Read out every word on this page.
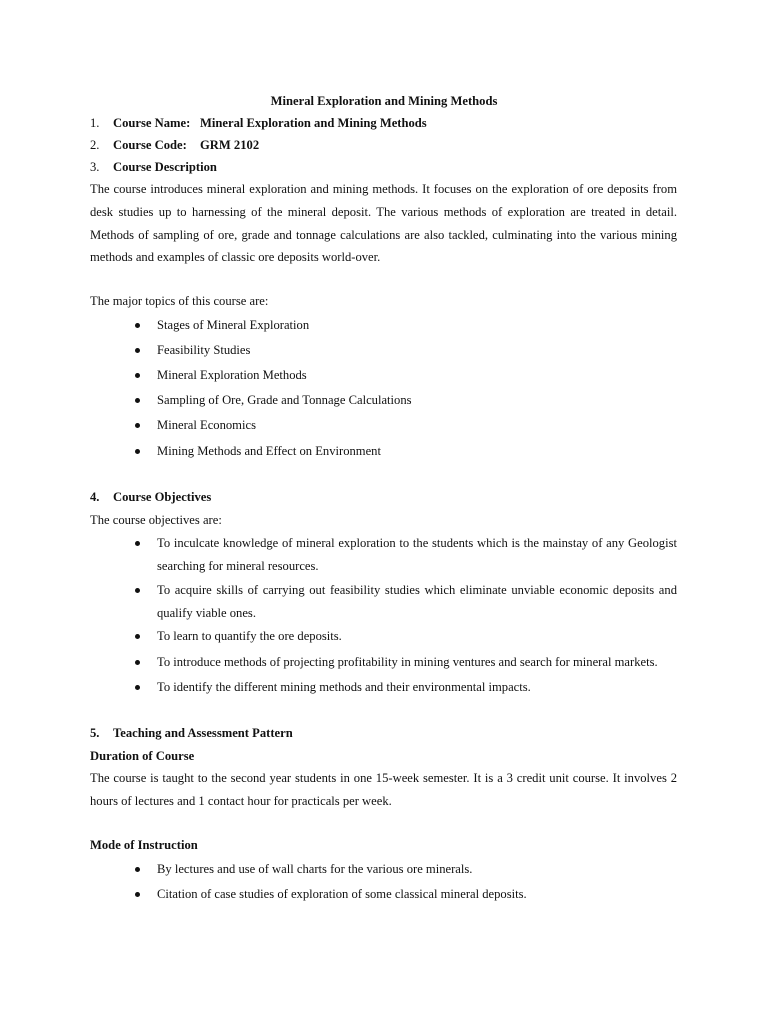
Mineral Exploration and Mining Methods
1. Course Name: Mineral Exploration and Mining Methods
2. Course Code: GRM 2102
3. Course Description
The course introduces mineral exploration and mining methods. It focuses on the exploration of ore deposits from
desk studies up to harnessing of the mineral deposit. The various methods of exploration are treated in detail.
Methods of sampling of ore, grade and tonnage calculations are also tackled, culminating into the various mining
methods and examples of classic ore deposits world-over.
The major topics of this course are:
Stages of Mineral Exploration
Feasibility Studies
Mineral Exploration Methods
Sampling of Ore, Grade and Tonnage Calculations
Mineral Economics
Mining Methods and Effect on Environment
4. Course Objectives
The course objectives are:
To inculcate knowledge of mineral exploration to the students which is the mainstay of any Geologist
searching for mineral resources.
To acquire skills of carrying out feasibility studies which eliminate unviable economic deposits and
qualify viable ones.
To learn to quantify the ore deposits.
To introduce methods of projecting profitability in mining ventures and search for mineral markets.
To identify the different mining methods and their environmental impacts.
5. Teaching and Assessment Pattern
Duration of Course
The course is taught to the second year students in one 15-week semester. It is a 3 credit unit course. It involves 2
hours of lectures and 1 contact hour for practicals per week.
Mode of Instruction
By lectures and use of wall charts for the various ore minerals.
Citation of case studies of exploration of some classical mineral deposits.
